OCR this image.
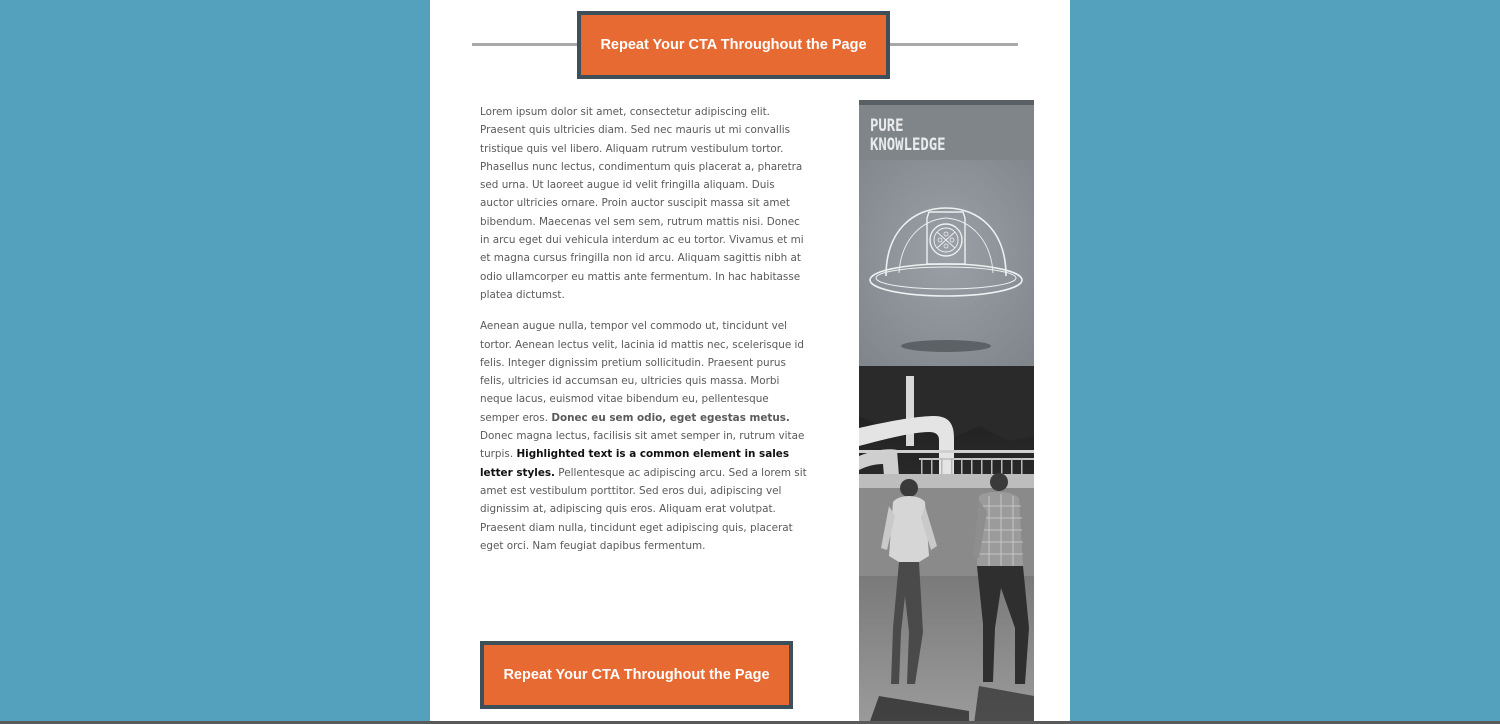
Repeat Your CTA Throughout the Page

Lorem ipsum dolor sit amet, consectetur adipiscing elit. Praesent quis ultricies diam. Sed nec mauris ut mi convallis tristique quis vel libero. Aliquam rutrum vestibulum tortor. Phasellus nunc lectus, condimentum quis placerat a, pharetra sed urna. Ut laoreet augue id velit fringilla aliquam. Duis auctor ultricies ornare. Proin auctor suscipit massa sit amet bibendum. Maecenas vel sem sem, rutrum mattis nisi. Donec in arcu eget dui vehicula interdum ac eu tortor. Vivamus et mi et magna cursus fringilla non id arcu. Aliquam sagittis nibh at odio ullamcorper eu mattis ante fermentum. In hac habitasse platea dictumst.

Aenean augue nulla, tempor vel commodo ut, tincidunt vel tortor. Aenean lectus velit, lacinia id mattis nec, scelerisque id felis. Integer dignissim pretium sollicitudin. Praesent purus felis, ultricies id accumsan eu, ultricies quis massa. Morbi neque lacus, euismod vitae bibendum eu, pellentesque semper eros. Donec eu sem odio, eget egestas metus. Donec magna lectus, facilisis sit amet semper in, rutrum vitae turpis. Highlighted text is a common element in sales letter styles. Pellentesque ac adipiscing arcu. Sed a lorem sit amet est vestibulum porttitor. Sed eros dui, adipiscing vel dignissim at, adipiscing quis eros. Aliquam erat volutpat. Praesent diam nulla, tincidunt eget adipiscing quis, placerat eget orci. Nam feugiat dapibus fermentum.

Repeat Your CTA Throughout the Page
PURE
KNOWLEDGE
